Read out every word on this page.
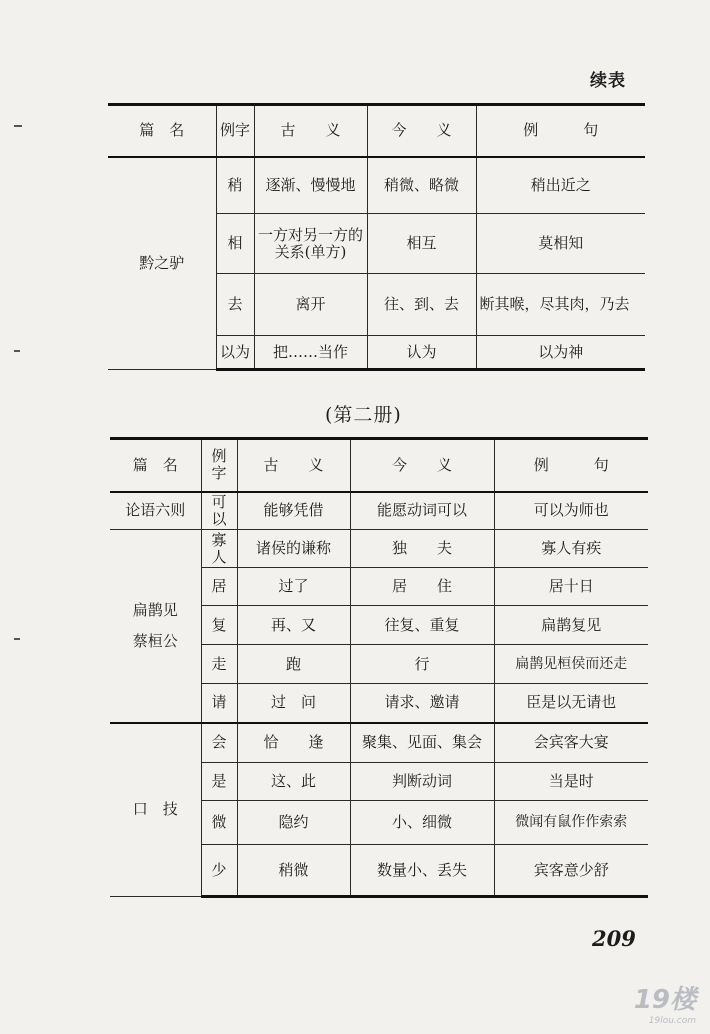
续表
篇　名	例字	古　　义	今　　义	例　　　句
黔之驴	稍	逐渐、慢慢地	稍微、略微	稍出近之
	相	一方对另一方的关系(单方)	相互	莫相知
	去	离开	往、到、去	断其喉，尽其肉，乃去
	以为	把……当作	认为	以为神
(第二册)
篇　名	例字	古　　义	今　　义	例　　　句
论语六则	可以	能够凭借	能愿动词可以	可以为师也

扁鹊见
蔡桓公	寡人	诸侯的谦称	独　　夫	寡人有疾
	居	过了	居　　住	居十日
	复	再、又	往复、重复	扁鹊复见
	走	跑	行	扁鹊见桓侯而还走
	请	过　问	请求、邀请	臣是以无请也
口　技	会	恰　　逢	聚集、见面、集会	会宾客大宴
	是	这、此	判断动词	当是时
	微	隐约	小、细微	微闻有鼠作作索索
	少	稍微	数量小、丢失	宾客意少舒
209
19楼
19lou.com
